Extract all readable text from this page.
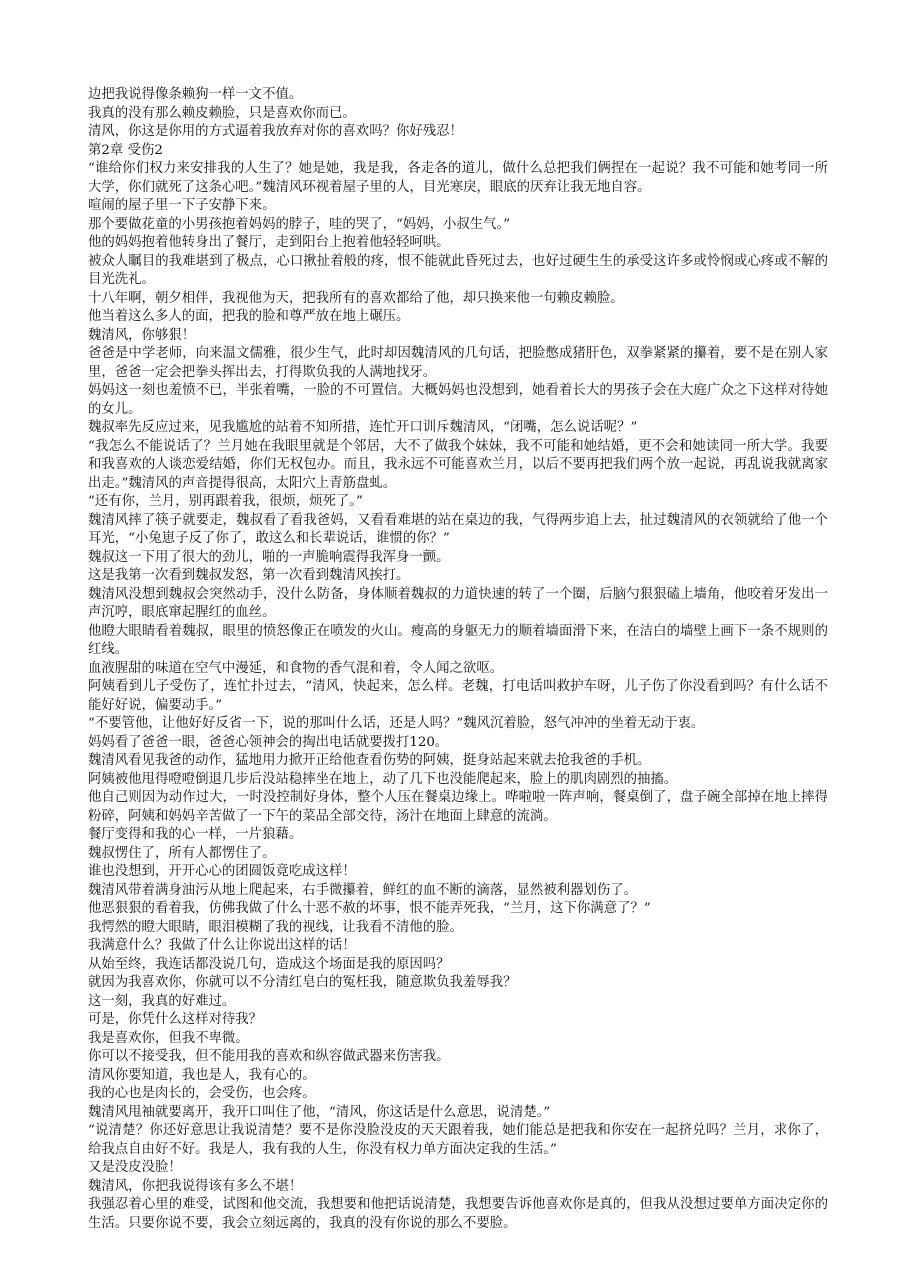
边把我说得像条赖狗一样一文不值。

我真的没有那么赖皮赖脸，只是喜欢你而已。

清风，你这是你用的方式逼着我放弃对你的喜欢吗？你好残忍！

第2章 受伤2

“谁给你们权力来安排我的人生了？她是她，我是我，各走各的道儿，做什么总把我们俩捏在一起说？我不可能和她考同一所大学，你们就死了这条心吧。”魏清风环视着屋子里的人，目光寒戾，眼底的厌弃让我无地自容。

喧闹的屋子里一下子安静下来。

那个要做花童的小男孩抱着妈妈的脖子，哇的哭了，“妈妈，小叔生气。”

他的妈妈抱着他转身出了餐厅，走到阳台上抱着他轻轻呵哄。

被众人瞩目的我难堪到了极点，心口揪扯着般的疼，恨不能就此昏死过去，也好过硬生生的承受这许多或怜悯或心疼或不解的目光洗礼。

十八年啊，朝夕相伴，我视他为天，把我所有的喜欢都给了他，却只换来他一句赖皮赖脸。

他当着这么多人的面，把我的脸和尊严放在地上碾压。

魏清风，你够狠！

爸爸是中学老师，向来温文儒雅，很少生气，此时却因魏清风的几句话，把脸憋成猪肝色，双拳紧紧的攥着，要不是在别人家里，爸爸一定会把拳头挥出去，打得欺负我的人满地找牙。

妈妈这一刻也羞愤不已，半张着嘴，一脸的不可置信。大概妈妈也没想到，她看着长大的男孩子会在大庭广众之下这样对待她的女儿。

魏叔率先反应过来，见我尴尬的站着不知所措，连忙开口训斥魏清风，“闭嘴，怎么说话呢？”

“我怎么不能说话了？兰月她在我眼里就是个邻居，大不了做我个妹妹，我不可能和她结婚，更不会和她读同一所大学。我要和我喜欢的人谈恋爱结婚，你们无权包办。而且，我永远不可能喜欢兰月，以后不要再把我们两个放一起说，再乱说我就离家出走。”魏清风的声音提得很高，太阳穴上青筋盘虬。

“还有你，兰月，别再跟着我，很烦，烦死了。”

魏清风摔了筷子就要走，魏叔看了看我爸妈，又看看难堪的站在桌边的我，气得两步追上去，扯过魏清风的衣领就给了他一个耳光，“小兔崽子反了你了，敢这么和长辈说话，谁惯的你？”

魏叔这一下用了很大的劲儿，啪的一声脆响震得我浑身一颤。

这是我第一次看到魏叔发怒，第一次看到魏清风挨打。

魏清风没想到魏叔会突然动手，没什么防备，身体顺着魏叔的力道快速的转了一个圈，后脑勺狠狠磕上墙角，他咬着牙发出一声沉哼，眼底窜起腥红的血丝。

他瞪大眼睛看着魏叔，眼里的愤怒像正在喷发的火山。瘦高的身躯无力的顺着墙面滑下来，在洁白的墙壁上画下一条不规则的红线。

血液腥甜的味道在空气中漫延，和食物的香气混和着，令人闻之欲呕。

阿姨看到儿子受伤了，连忙扑过去，“清风，快起来，怎么样。老魏，打电话叫救护车呀，儿子伤了你没看到吗？有什么话不能好好说，偏要动手。”

“不要管他，让他好好反省一下，说的那叫什么话，还是人吗？”魏风沉着脸，怒气冲冲的坐着无动于衷。

妈妈看了爸爸一眼，爸爸心领神会的掏出电话就要拨打120。

魏清风看见我爸的动作，猛地用力掀开正给他查看伤势的阿姨，挺身站起来就去抢我爸的手机。

阿姨被他甩得噔噔倒退几步后没站稳摔坐在地上，动了几下也没能爬起来，脸上的肌肉剧烈的抽搐。

他自己则因为动作过大，一时没控制好身体，整个人压在餐桌边缘上。哗啦啦一阵声响，餐桌倒了，盘子碗全部掉在地上摔得粉碎，阿姨和妈妈辛苦做了一下午的菜品全部交待，汤汁在地面上肆意的流淌。

餐厅变得和我的心一样，一片狼藉。

魏叔愣住了，所有人都愣住了。

谁也没想到，开开心心的团圆饭竟吃成这样！

魏清风带着满身油污从地上爬起来，右手微攥着，鲜红的血不断的滴落，显然被利器划伤了。

他恶狠狠的看着我，仿佛我做了什么十恶不赦的坏事，恨不能弄死我，“兰月，这下你满意了？”

我愕然的瞪大眼睛，眼泪模糊了我的视线，让我看不清他的脸。

我满意什么？我做了什么让你说出这样的话！

从始至终，我连话都没说几句，造成这个场面是我的原因吗？

就因为我喜欢你，你就可以不分清红皂白的冤枉我，随意欺负我羞辱我？

这一刻，我真的好难过。

可是，你凭什么这样对待我？

我是喜欢你，但我不卑微。

你可以不接受我，但不能用我的喜欢和纵容做武器来伤害我。

清风你要知道，我也是人，我有心的。

我的心也是肉长的，会受伤，也会疼。

魏清风甩袖就要离开，我开口叫住了他，“清风，你这话是什么意思，说清楚。”

“说清楚？你还好意思让我说清楚？要不是你没脸没皮的天天跟着我，她们能总是把我和你安在一起挤兑吗？兰月，求你了，给我点自由好不好。我是人，我有我的人生，你没有权力单方面决定我的生活。”

又是没皮没脸！

魏清风，你把我说得该有多么不堪！

我强忍着心里的难受，试图和他交流，我想要和他把话说清楚，我想要告诉他喜欢你是真的，但我从没想过要单方面决定你的生活。只要你说不要，我会立刻远离的，我真的没有你说的那么不要脸。
